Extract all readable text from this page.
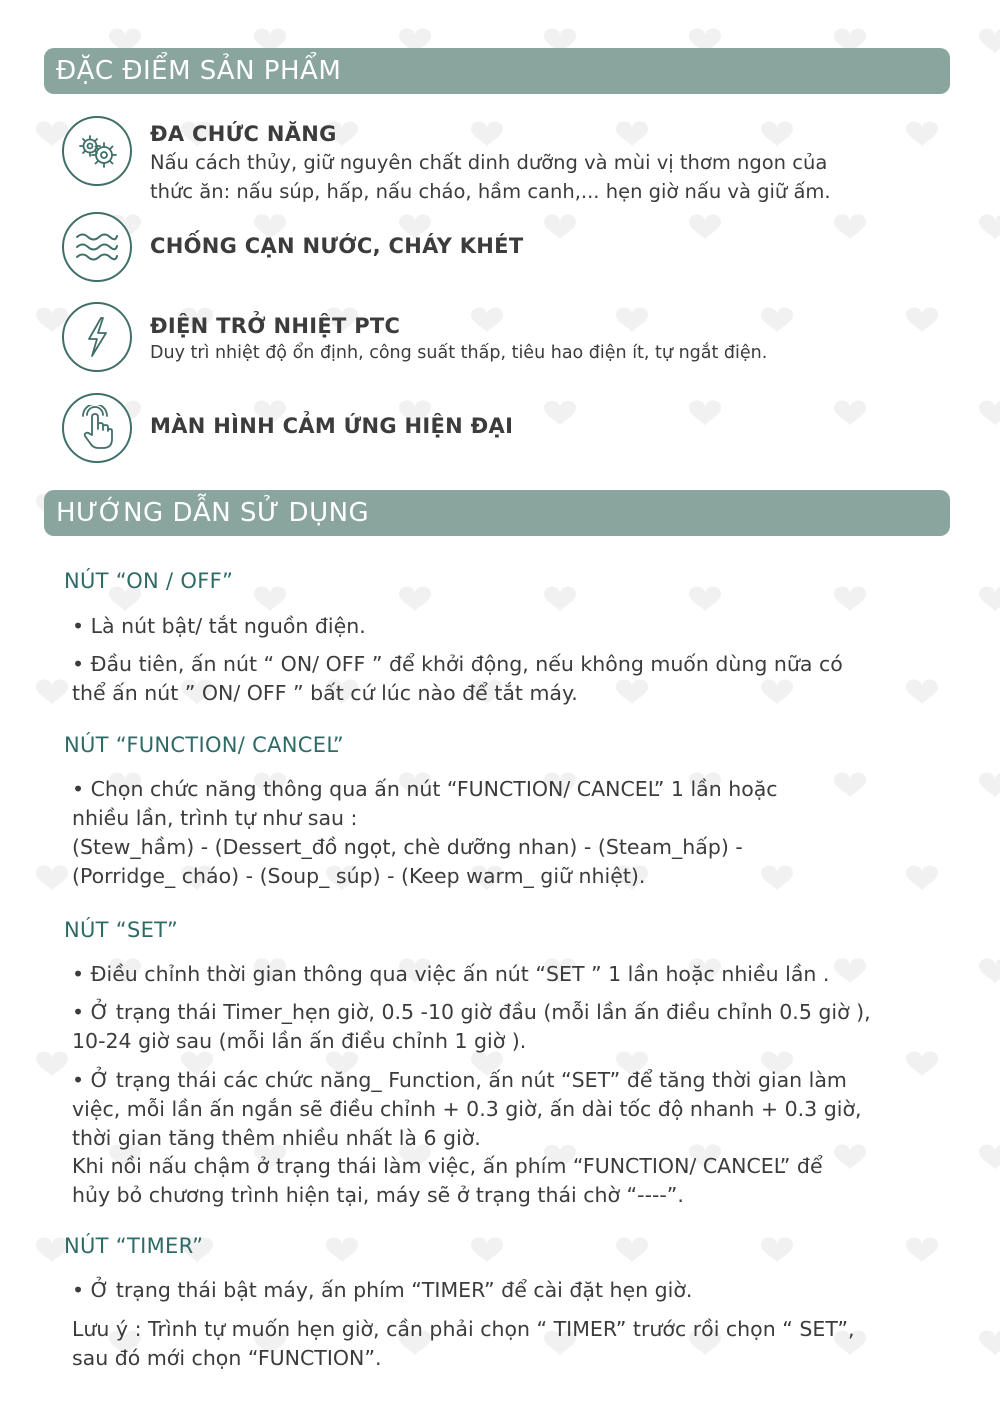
ĐẶC ĐIỂM SẢN PHẨM
ĐA CHỨC NĂNG
Nấu cách thủy, giữ nguyên chất dinh dưỡng và mùi vị thơm ngon của
thức ăn: nấu súp, hấp, nấu cháo, hầm canh,... hẹn giờ nấu và giữ ấm.
CHỐNG CẠN NƯỚC, CHÁY KHÉT
ĐIỆN TRỞ NHIỆT PTC
Duy trì nhiệt độ ổn định, công suất thấp, tiêu hao điện ít, tự ngắt điện.
MÀN HÌNH CẢM ỨNG HIỆN ĐẠI
HƯỚNG DẪN SỬ DỤNG
NÚT “ON / OFF”
• Là nút bật/ tắt nguồn điện.
• Đầu tiên, ấn nút “ ON/ OFF ” để khởi động, nếu không muốn dùng nữa có
thể ấn nút ” ON/ OFF ” bất cứ lúc nào để tắt máy.
NÚT “FUNCTION/ CANCEL”
• Chọn chức năng thông qua ấn nút “FUNCTION/ CANCEL” 1 lần hoặc
nhiều lần, trình tự như sau :
(Stew_hầm) - (Dessert_đồ ngọt, chè dưỡng nhan) - (Steam_hấp) -
(Porridge_ cháo) - (Soup_ súp) - (Keep warm_ giữ nhiệt).
NÚT “SET”
• Điều chỉnh thời gian thông qua việc ấn nút “SET ” 1 lần hoặc nhiều lần .
• Ở trạng thái Timer_hẹn giờ, 0.5 -10 giờ đầu (mỗi lần ấn điều chỉnh 0.5 giờ ),
10-24 giờ sau (mỗi lần ấn điều chỉnh 1 giờ ).
• Ở trạng thái các chức năng_ Function, ấn nút “SET” để tăng thời gian làm
việc, mỗi lần ấn ngắn sẽ điều chỉnh + 0.3 giờ, ấn dài tốc độ nhanh + 0.3 giờ,
thời gian tăng thêm nhiều nhất là 6 giờ.
Khi nồi nấu chậm ở trạng thái làm việc, ấn phím “FUNCTION/ CANCEL” để
hủy bỏ chương trình hiện tại, máy sẽ ở trạng thái chờ “----”.
NÚT “TIMER”
• Ở trạng thái bật máy, ấn phím “TIMER” để cài đặt hẹn giờ.
Lưu ý : Trình tự muốn hẹn giờ, cần phải chọn “ TIMER” trước rồi chọn “ SET”,
sau đó mới chọn “FUNCTION”.
